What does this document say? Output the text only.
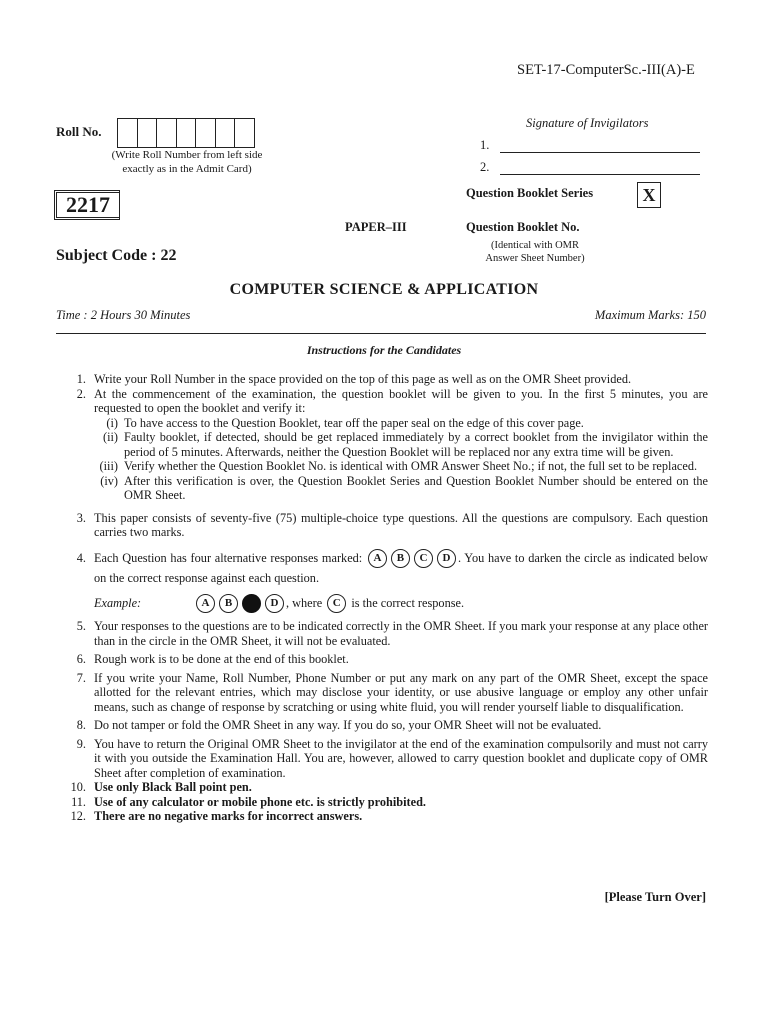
SET-17-ComputerSc.-III(A)-E
Roll No.
(Write Roll Number from left side
exactly as in the Admit Card)
Signature of Invigilators
1.
2.
Question Booklet Series	X
Question Booklet No.
(Identical with OMR
Answer Sheet Number)
2217
PAPER–III
Subject Code : 22
COMPUTER SCIENCE & APPLICATION
Time : 2 Hours 30 Minutes	Maximum Marks: 150
Instructions for the Candidates
1. Write your Roll Number in the space provided on the top of this page as well as on the OMR Sheet provided.
2. At the commencement of the examination, the question booklet will be given to you. In the first 5 minutes, you are requested to open the booklet and verify it:
(i) To have access to the Question Booklet, tear off the paper seal on the edge of this cover page.
(ii) Faulty booklet, if detected, should be get replaced immediately by a correct booklet from the invigilator within the period of 5 minutes. Afterwards, neither the Question Booklet will be replaced nor any extra time will be given.
(iii) Verify whether the Question Booklet No. is identical with OMR Answer Sheet No.; if not, the full set to be replaced.
(iv) After this verification is over, the Question Booklet Series and Question Booklet Number should be entered on the OMR Sheet.
3. This paper consists of seventy-five (75) multiple-choice type questions. All the questions are compulsory. Each question carries two marks.
4. Each Question has four alternative responses marked: A B C D . You have to darken the circle as indicated below on the correct response against each question.
Example:	A	B	D , where
C
is the correct response.
5. Your responses to the questions are to be indicated correctly in the OMR Sheet. If you mark your response at any place other than in the circle in the OMR Sheet, it will not be evaluated.
6. Rough work is to be done at the end of this booklet.
7. If you write your Name, Roll Number, Phone Number or put any mark on any part of the OMR Sheet, except the space allotted for the relevant entries, which may disclose your identity, or use abusive language or employ any other unfair means, such as change of response by scratching or using white fluid, you will render yourself liable to disqualification.
8. Do not tamper or fold the OMR Sheet in any way. If you do so, your OMR Sheet will not be evaluated.
9. You have to return the Original OMR Sheet to the invigilator at the end of the examination compulsorily and must not carry it with you outside the Examination Hall. You are, however, allowed to carry question booklet and duplicate copy of OMR Sheet after completion of examination.
10. Use only Black Ball point pen.
11. Use of any calculator or mobile phone etc. is strictly prohibited.
12. There are no negative marks for incorrect answers.
[Please Turn Over]
